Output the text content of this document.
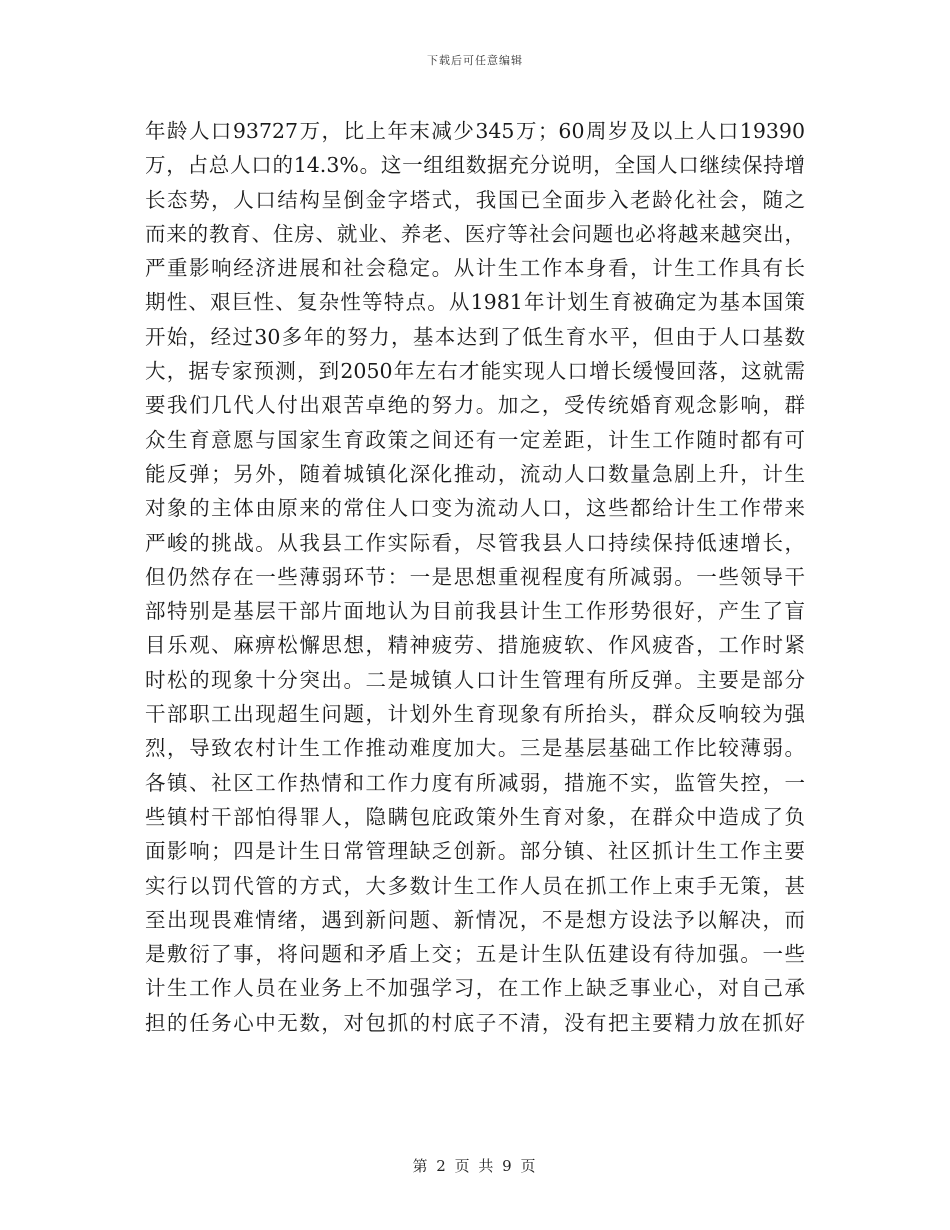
下载后可任意编辑
年龄人口93727万，比上年末减少345万；60周岁及以上人口19390
万，占总人口的14.3%。这一组组数据充分说明，全国人口继续保持增
长态势，人口结构呈倒金字塔式，我国已全面步入老龄化社会，随之
而来的教育、住房、就业、养老、医疗等社会问题也必将越来越突出，
严重影响经济进展和社会稳定。从计生工作本身看，计生工作具有长
期性、艰巨性、复杂性等特点。从1981年计划生育被确定为基本国策
开始，经过30多年的努力，基本达到了低生育水平，但由于人口基数
大，据专家预测，到2050年左右才能实现人口增长缓慢回落，这就需
要我们几代人付出艰苦卓绝的努力。加之，受传统婚育观念影响，群
众生育意愿与国家生育政策之间还有一定差距，计生工作随时都有可
能反弹；另外，随着城镇化深化推动，流动人口数量急剧上升，计生
对象的主体由原来的常住人口变为流动人口，这些都给计生工作带来
严峻的挑战。从我县工作实际看，尽管我县人口持续保持低速增长，
但仍然存在一些薄弱环节：一是思想重视程度有所减弱。一些领导干
部特别是基层干部片面地认为目前我县计生工作形势很好，产生了盲
目乐观、麻痹松懈思想，精神疲劳、措施疲软、作风疲沓，工作时紧
时松的现象十分突出。二是城镇人口计生管理有所反弹。主要是部分
干部职工出现超生问题，计划外生育现象有所抬头，群众反响较为强
烈，导致农村计生工作推动难度加大。三是基层基础工作比较薄弱。
各镇、社区工作热情和工作力度有所减弱，措施不实，监管失控，一
些镇村干部怕得罪人，隐瞒包庇政策外生育对象，在群众中造成了负
面影响；四是计生日常管理缺乏创新。部分镇、社区抓计生工作主要
实行以罚代管的方式，大多数计生工作人员在抓工作上束手无策，甚
至出现畏难情绪，遇到新问题、新情况，不是想方设法予以解决，而
是敷衍了事，将问题和矛盾上交；五是计生队伍建设有待加强。一些
计生工作人员在业务上不加强学习，在工作上缺乏事业心，对自己承
担的任务心中无数，对包抓的村底子不清，没有把主要精力放在抓好
第 2 页 共 9 页
